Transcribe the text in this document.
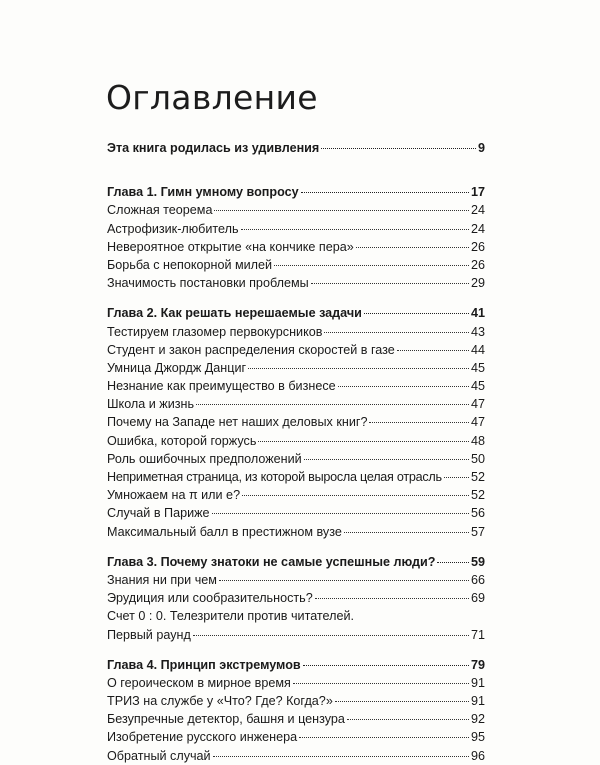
Оглавление
Эта книга родилась из удивления	9
Глава 1. Гимн умному вопросу	17
Сложная теорема	24
Астрофизик-любитель	24
Невероятное открытие «на кончике пера»	26
Борьба с непокорной милей	26
Значимость постановки проблемы	29
Глава 2. Как решать нерешаемые задачи	41
Тестируем глазомер первокурсников	43
Студент и закон распределения скоростей в газе	44
Умница Джордж Данциг	45
Незнание как преимущество в бизнесе	45
Школа и жизнь	47
Почему на Западе нет наших деловых книг?	47
Ошибка, которой горжусь	48
Роль ошибочных предположений	50
Неприметная страница, из которой выросла целая отрасль 52
Умножаем на π или е?	52
Случай в Париже	56
Максимальный балл в престижном вузе	57
Глава 3. Почему знатоки не самые успешные люди?	59
Знания ни при чем	66
Эрудиция или сообразительность?	69
Счет 0 : 0. Телезрители против читателей.
Первый раунд	71
Глава 4. Принцип экстремумов	79
О героическом в мирное время	91
ТРИЗ на службе у «Что? Где? Когда?»	91
Безупречные детектор, башня и цензура	92
Изобретение русского инженера	95
Обратный случай	96
